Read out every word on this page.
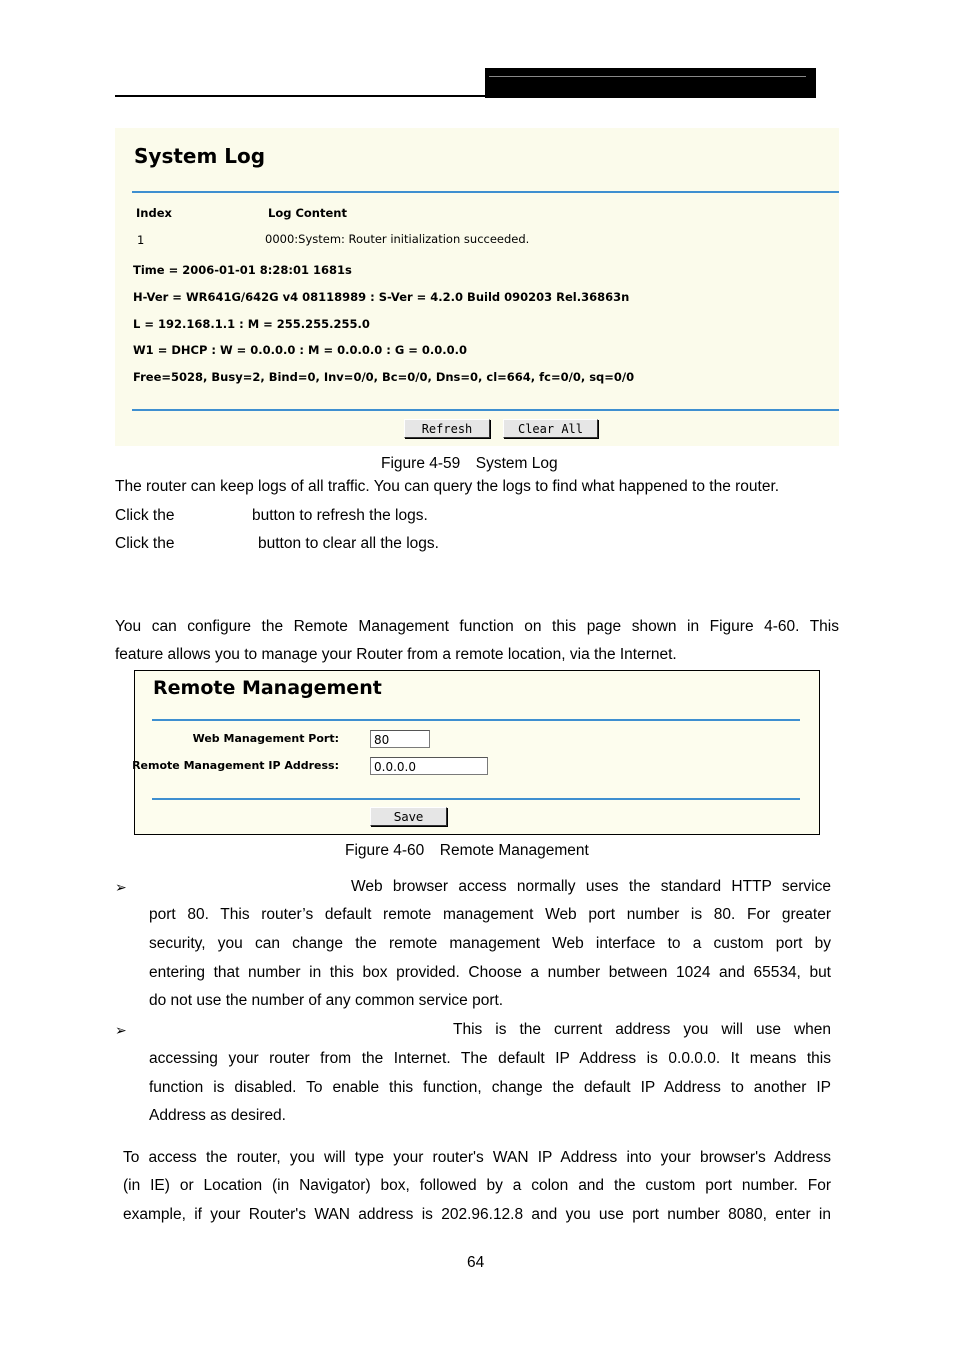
System Log
Index	Log Content
1	0000:System: Router initialization succeeded.
Time = 2006-01-01 8:28:01 1681s
H-Ver = WR641G/642G v4 08118989 : S-Ver = 4.2.0 Build 090203 Rel.36863n
L = 192.168.1.1 : M = 255.255.255.0
W1 = DHCP : W = 0.0.0.0 : M = 0.0.0.0 : G = 0.0.0.0
Free=5028, Busy=2, Bind=0, Inv=0/0, Bc=0/0, Dns=0, cl=664, fc=0/0, sq=0/0
Refresh	Clear All
Figure 4-59　System Log
The router can keep logs of all traffic. You can query the logs to find what happened to the router.
Click the	button to refresh the logs.
Click the	button to clear all the logs.
You can configure the Remote Management function on this page shown in Figure 4-60. This
feature allows you to manage your Router from a remote location, via the Internet.
Remote Management
Web Management Port:	80
Remote Management IP Address:	0.0.0.0
Save
Figure 4-60　Remote Management
➢	Web browser access normally uses the standard HTTP service
port 80. This router’s default remote management Web port number is 80. For greater
security, you can change the remote management Web interface to a custom port by
entering that number in this box provided. Choose a number between 1024 and 65534, but
do not use the number of any common service port.
➢	This is the current address you will use when
accessing your router from the Internet. The default IP Address is 0.0.0.0. It means this
function is disabled. To enable this function, change the default IP Address to another IP
Address as desired.
To access the router, you will type your router's WAN IP Address into your browser's Address
(in IE) or Location (in Navigator) box, followed by a colon and the custom port number. For
example, if your Router's WAN address is 202.96.12.8 and you use port number 8080, enter in
64
